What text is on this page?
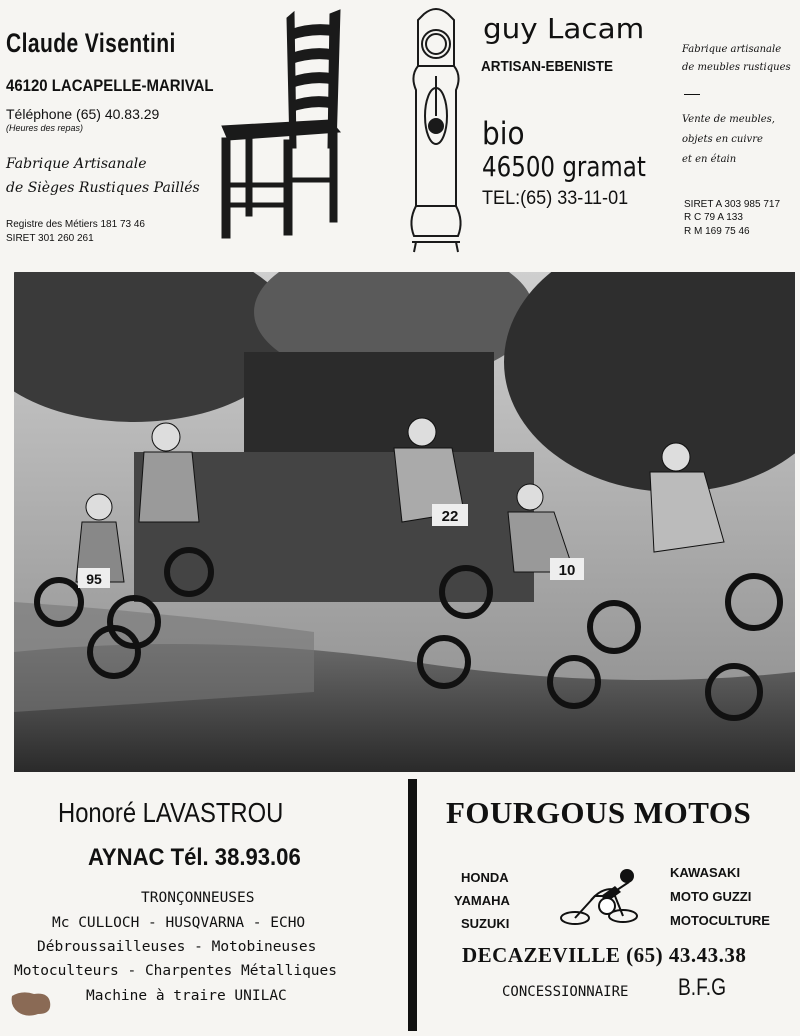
Claude Visentini
46120 LACAPELLE-MARIVAL
Téléphone (65) 40.83.29
(Heures des repas)
Fabrique Artisanale
de Sièges Rustiques Paillés
Registre des Métiers 181 73 46
SIRET 301 260 261
guy Lacam
ARTISAN-EBENISTE
bio
46500 gramat
TEL:(65) 33-11-01
Fabrique artisanale
de meubles rustiques
Vente de meubles,
objets en cuivre
et en étain
SIRET A 303 985 717
R C 79 A 133
R M 169 75 46
95
22
10
Honoré LAVASTROU
AYNAC Tél. 38.93.06
TRONÇONNEUSES
Mc CULLOCH - HUSQVARNA - ECHO
Débroussailleuses - Motobineuses
Motoculteurs - Charpentes Métalliques
Machine à traire UNILAC
FOURGOUS MOTOS
HONDA
YAMAHA
SUZUKI
KAWASAKI
MOTO GUZZI
MOTOCULTURE
DECAZEVILLE (65) 43.43.38
CONCESSIONNAIRE B.F.G
